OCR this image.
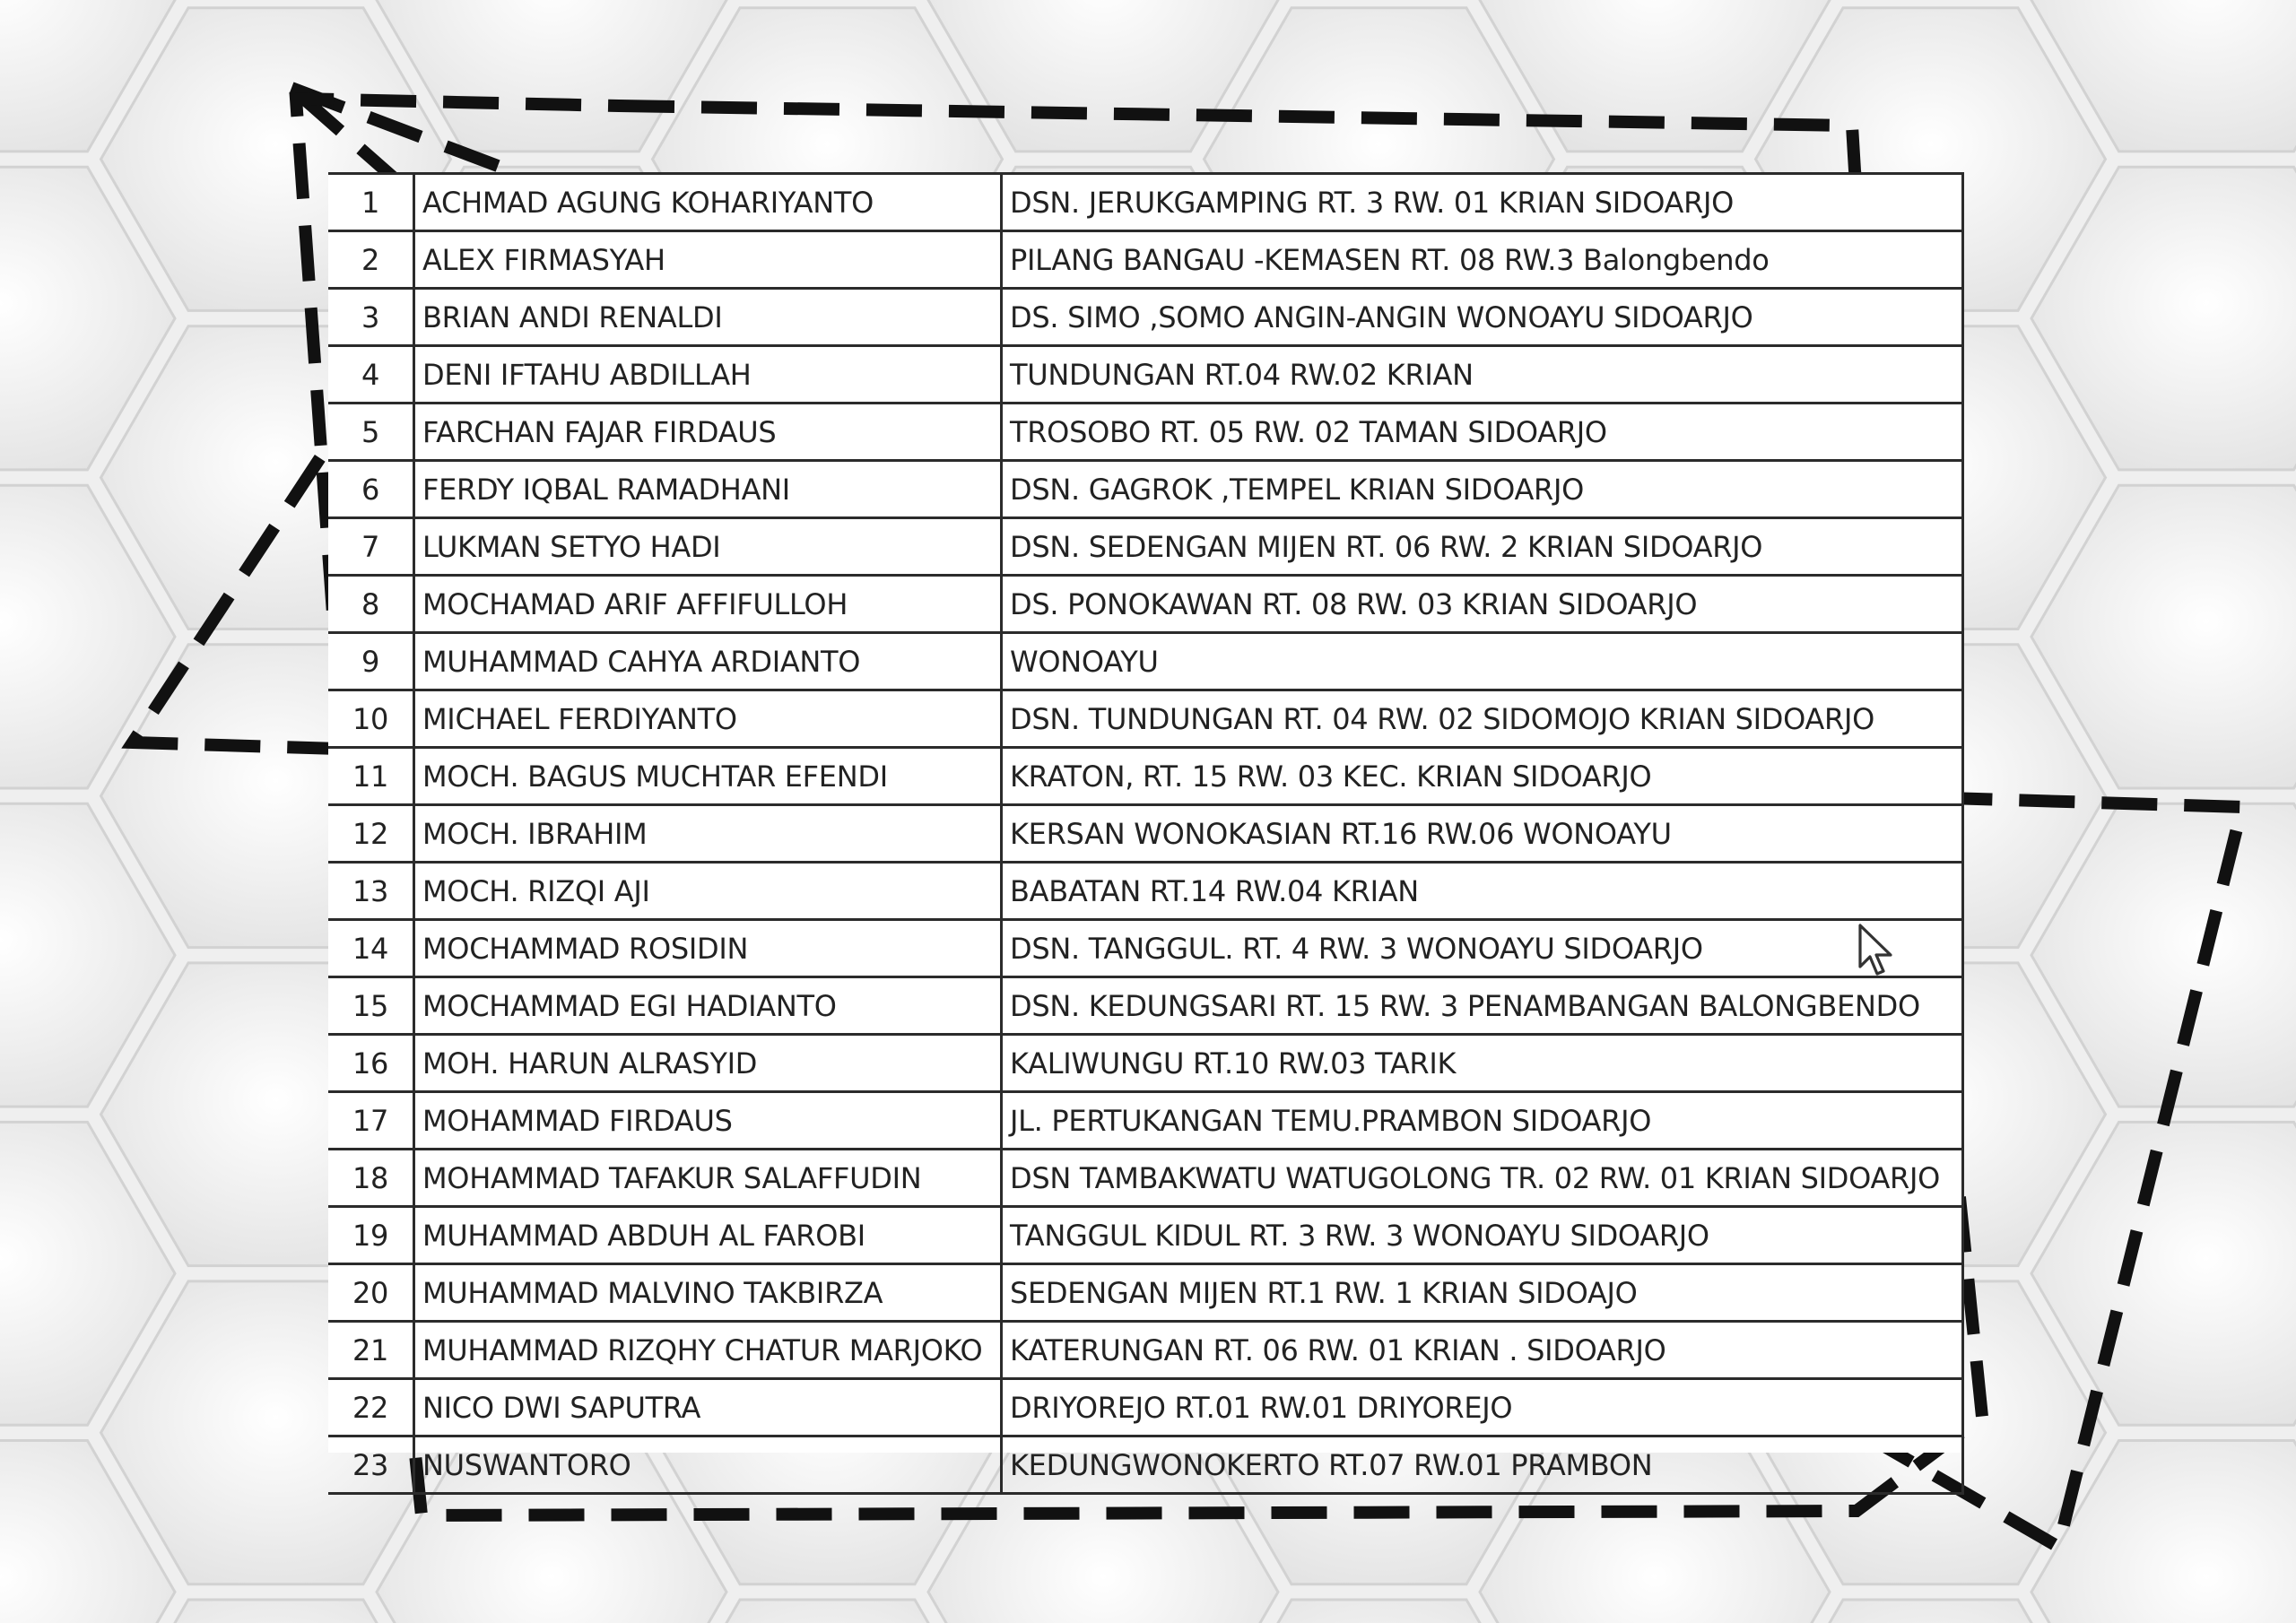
1	ACHMAD AGUNG KOHARIYANTO	DSN. JERUKGAMPING RT. 3 RW. 01 KRIAN SIDOARJO
2	ALEX FIRMASYAH	PILANG BANGAU -KEMASEN RT. 08 RW.3 Balongbendo
3	BRIAN ANDI RENALDI	DS. SIMO ,SOMO ANGIN-ANGIN WONOAYU SIDOARJO
4	DENI IFTAHU ABDILLAH	TUNDUNGAN RT.04 RW.02 KRIAN
5	FARCHAN FAJAR FIRDAUS	TROSOBO RT. 05 RW. 02 TAMAN SIDOARJO
6	FERDY IQBAL RAMADHANI	DSN. GAGROK ,TEMPEL KRIAN SIDOARJO
7	LUKMAN SETYO HADI	DSN. SEDENGAN MIJEN RT. 06 RW. 2 KRIAN SIDOARJO
8	MOCHAMAD ARIF AFFIFULLOH	DS. PONOKAWAN RT. 08 RW. 03 KRIAN SIDOARJO
9	MUHAMMAD CAHYA ARDIANTO	WONOAYU
10	MICHAEL FERDIYANTO	DSN. TUNDUNGAN RT. 04 RW. 02 SIDOMOJO KRIAN SIDOARJO
11	MOCH. BAGUS MUCHTAR EFENDI	KRATON, RT. 15 RW. 03 KEC. KRIAN SIDOARJO
12	MOCH. IBRAHIM	KERSAN WONOKASIAN RT.16 RW.06 WONOAYU
13	MOCH. RIZQI AJI	BABATAN RT.14 RW.04 KRIAN
14	MOCHAMMAD ROSIDIN	DSN. TANGGUL. RT. 4 RW. 3 WONOAYU SIDOARJO
15	MOCHAMMAD EGI HADIANTO	DSN. KEDUNGSARI RT. 15 RW. 3 PENAMBANGAN BALONGBENDO
16	MOH. HARUN ALRASYID	KALIWUNGU RT.10 RW.03 TARIK
17	MOHAMMAD FIRDAUS	JL. PERTUKANGAN TEMU.PRAMBON SIDOARJO
18	MOHAMMAD TAFAKUR SALAFFUDIN	DSN TAMBAKWATU WATUGOLONG TR. 02 RW. 01 KRIAN SIDOARJO
19	MUHAMMAD ABDUH AL FAROBI	TANGGUL KIDUL RT. 3 RW. 3 WONOAYU SIDOARJO
20	MUHAMMAD MALVINO TAKBIRZA	SEDENGAN MIJEN RT.1 RW. 1 KRIAN SIDOAJO
21	MUHAMMAD RIZQHY CHATUR MARJOKO	KATERUNGAN RT. 06 RW. 01 KRIAN . SIDOARJO
22	NICO DWI SAPUTRA	DRIYOREJO RT.01 RW.01 DRIYOREJO
23	NUSWANTORO	KEDUNGWONOKERTO RT.07 RW.01 PRAMBON
